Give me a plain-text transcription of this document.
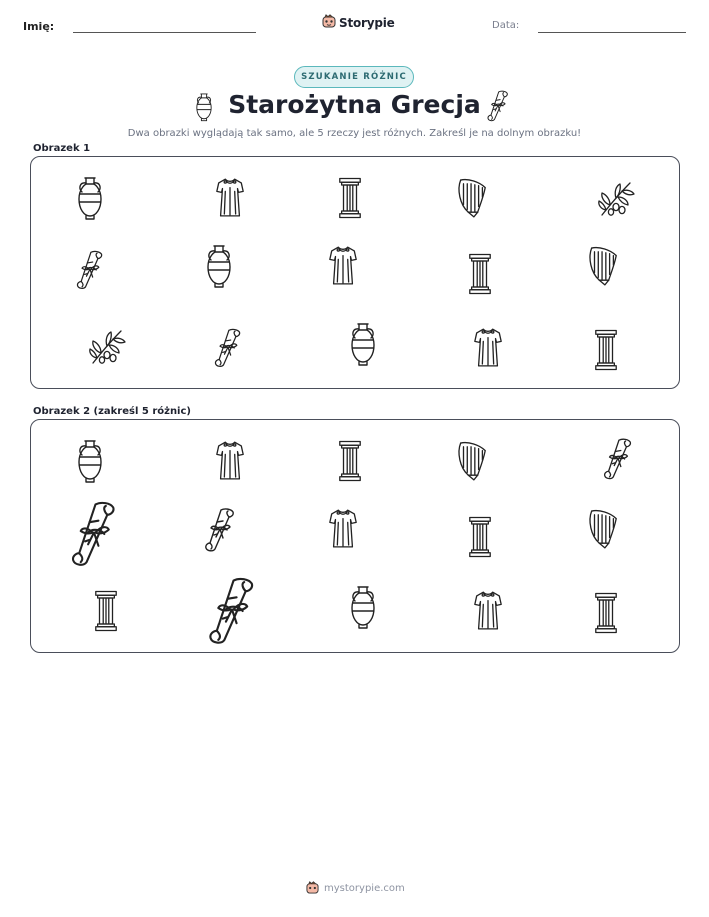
Imię:	Storypie	Data:
SZUKANIE RÓŻNIC
Starożytna Grecja
Dwa obrazki wyglądają tak samo, ale 5 rzeczy jest różnych. Zakreśl je na dolnym obrazku!
Obrazek 1
Obrazek 2 (zakreśl 5 różnic)
mystorypie.com
